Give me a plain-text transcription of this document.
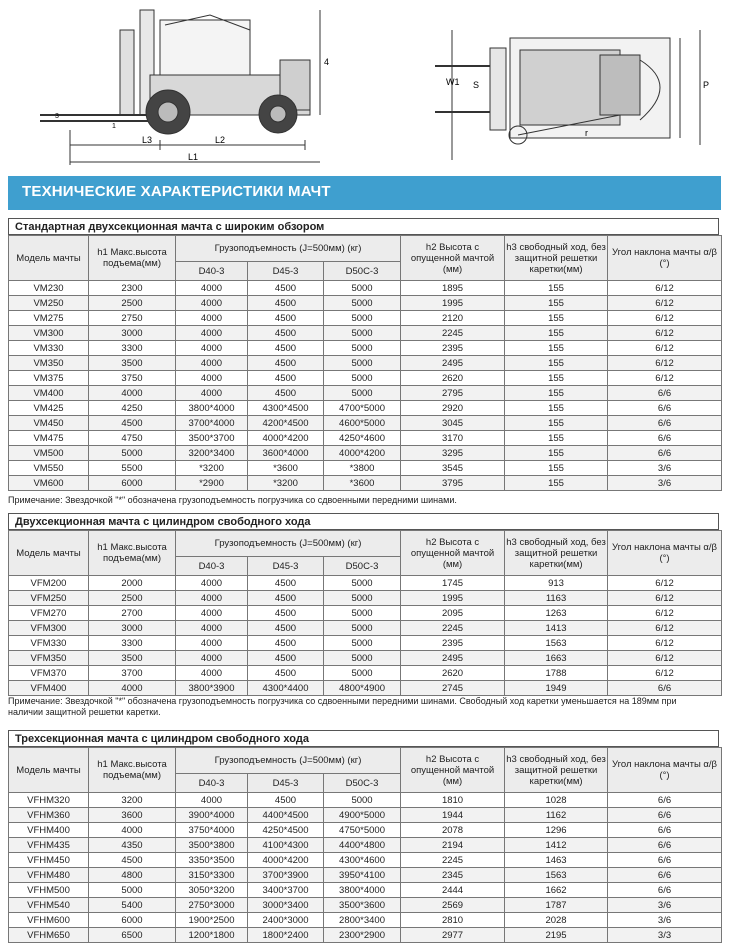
4
1
3
L3	L2
L1
W1 S	P
r
ТЕХНИЧЕСКИЕ ХАРАКТЕРИСТИКИ МАЧТ
Стандартная двухсекционная мачта с широким обзором
Модель мачты	h1 Макс.высота подъема(мм)	Грузоподъемность (J=500мм) (кг)			h2 Высота с опущенной мачтой (мм)	h3 свободный ход, без защитной решетки каретки(мм)	Угол наклона мачты α/β (°)
		D40-3	D45-3	D50C-3			
VM230	2300	4000	4500	5000	1895	155	6/12
VM250	2500	4000	4500	5000	1995	155	6/12
VM275	2750	4000	4500	5000	2120	155	6/12
VM300	3000	4000	4500	5000	2245	155	6/12
VM330	3300	4000	4500	5000	2395	155	6/12
VM350	3500	4000	4500	5000	2495	155	6/12
VM375	3750	4000	4500	5000	2620	155	6/12
VM400	4000	4000	4500	5000	2795	155	6/6
VM425	4250	3800*4000	4300*4500	4700*5000	2920	155	6/6
VM450	4500	3700*4000	4200*4500	4600*5000	3045	155	6/6
VM475	4750	3500*3700	4000*4200	4250*4600	3170	155	6/6
VM500	5000	3200*3400	3600*4000	4000*4200	3295	155	6/6
VM550	5500	*3200	*3600	*3800	3545	155	3/6
VM600	6000	*2900	*3200	*3600	3795	155	3/6
Примечание: Звездочкой "*" обозначена грузоподъемность погрузчика со сдвоенными передними шинами.
Двухсекционная мачта с цилиндром свободного хода
Модель мачты	h1 Макс.высота подъема(мм)	Грузоподъемность (J=500мм) (кг)			h2 Высота с опущенной мачтой (мм)	h3 свободный ход, без защитной решетки каретки(мм)	Угол наклона мачты α/β (°)
		D40-3	D45-3	D50C-3			
VFM200	2000	4000	4500	5000	1745	913	6/12
VFM250	2500	4000	4500	5000	1995	1163	6/12
VFM270	2700	4000	4500	5000	2095	1263	6/12
VFM300	3000	4000	4500	5000	2245	1413	6/12
VFM330	3300	4000	4500	5000	2395	1563	6/12
VFM350	3500	4000	4500	5000	2495	1663	6/12
VFM370	3700	4000	4500	5000	2620	1788	6/12
VFM400	4000	3800*3900	4300*4400	4800*4900	2745	1949	6/6
Примечание: Звездочкой "*" обозначена грузоподъемность погрузчика со сдвоенными передними шинами. Свободный ход каретки уменьшается на 189мм при наличии защитной решетки каретки.
Трехсекционная мачта с цилиндром свободного хода
Модель мачты	h1 Макс.высота подъема(мм)	Грузоподъемность (J=500мм) (кг)			h2 Высота с опущенной мачтой (мм)	h3 свободный ход, без защитной решетки каретки(мм)	Угол наклона мачты α/β (°)
		D40-3	D45-3	D50C-3			
VFHM320	3200	4000	4500	5000	1810	1028	6/6
VFHM360	3600	3900*4000	4400*4500	4900*5000	1944	1162	6/6
VFHM400	4000	3750*4000	4250*4500	4750*5000	2078	1296	6/6
VFHM435	4350	3500*3800	4100*4300	4400*4800	2194	1412	6/6
VFHM450	4500	3350*3500	4000*4200	4300*4600	2245	1463	6/6
VFHM480	4800	3150*3300	3700*3900	3950*4100	2345	1563	6/6
VFHM500	5000	3050*3200	3400*3700	3800*4000	2444	1662	6/6
VFHM540	5400	2750*3000	3000*3400	3500*3600	2569	1787	3/6
VFHM600	6000	1900*2500	2400*3000	2800*3400	2810	2028	3/6
VFHM650	6500	1200*1800	1800*2400	2300*2900	2977	2195	3/3
